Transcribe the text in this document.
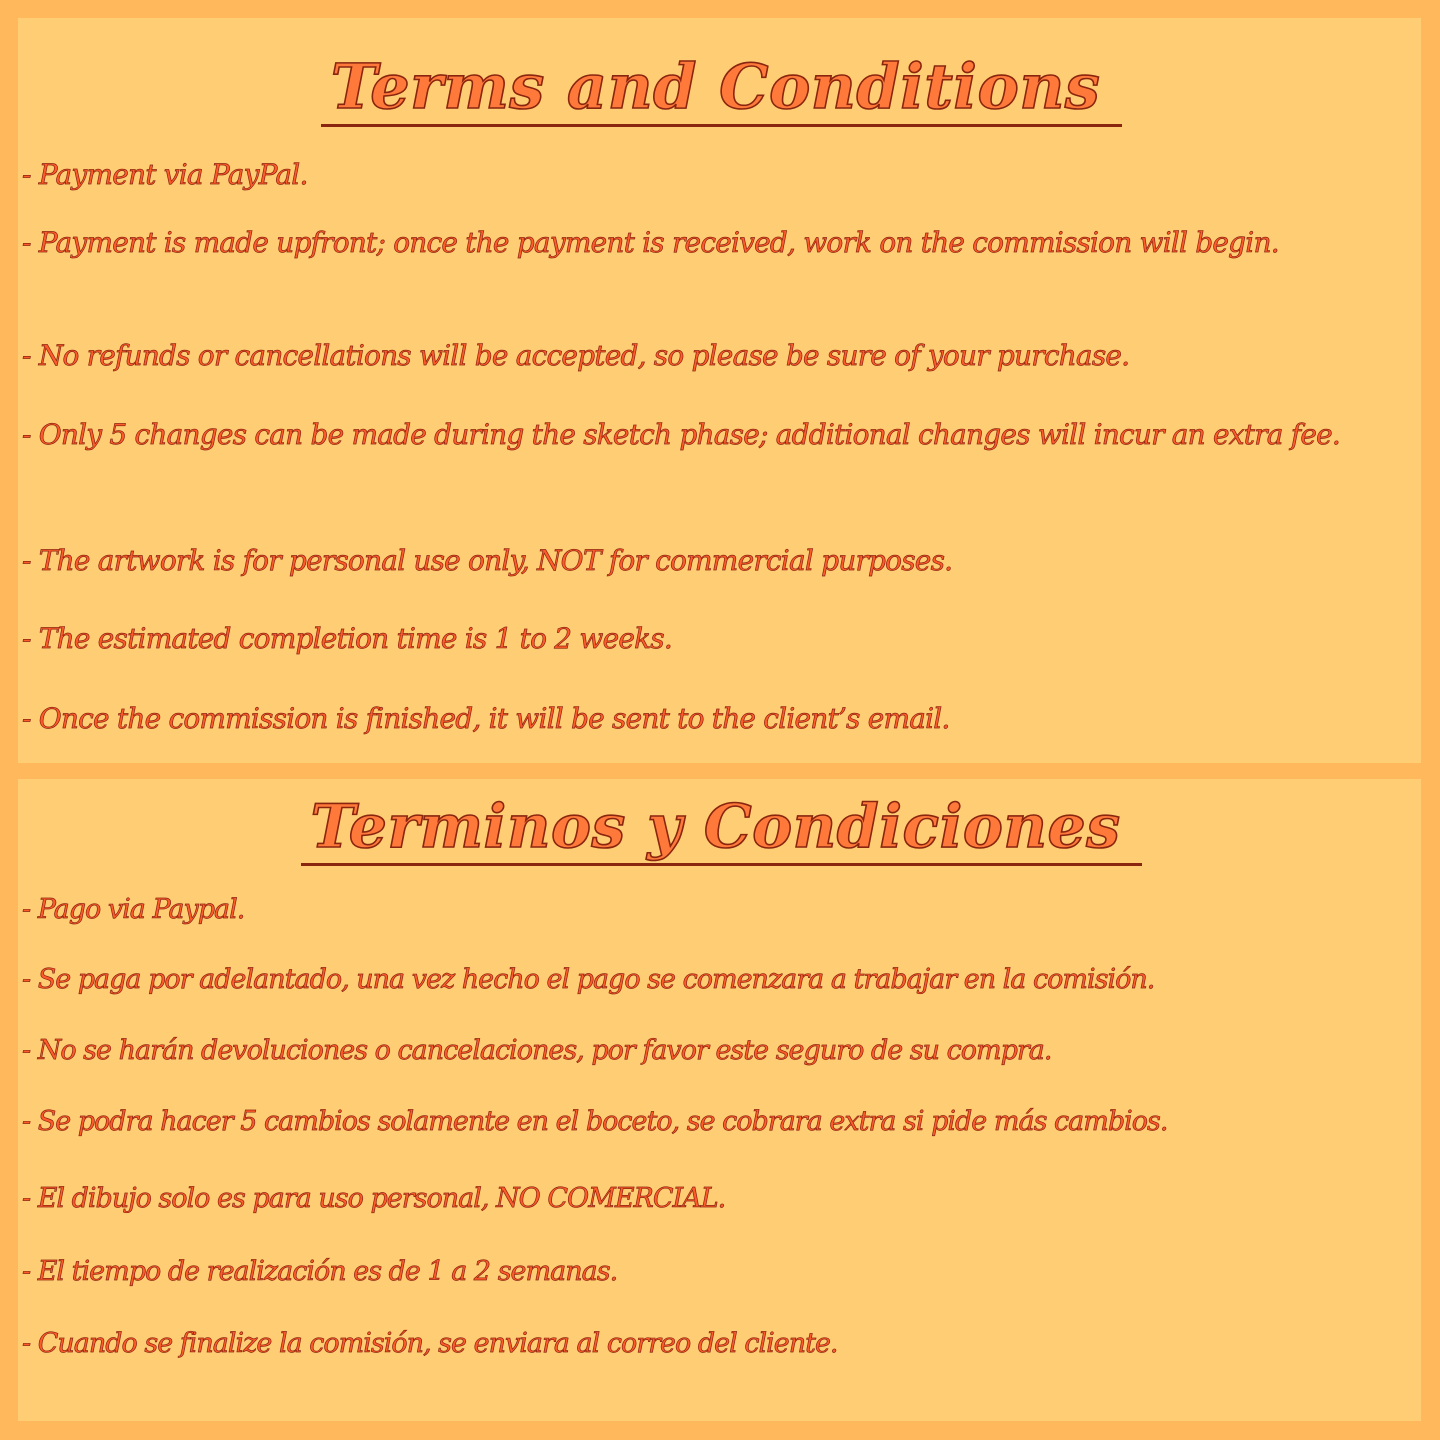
Terms and Conditions
- Payment via PayPal.
- Payment is made upfront; once the payment is received, work on the commission will begin.
- No refunds or cancellations will be accepted, so please be sure of your purchase.
- Only 5 changes can be made during the sketch phase; additional changes will incur an extra fee.
- The artwork is for personal use only, NOT for commercial purposes.
- The estimated completion time is 1 to 2 weeks.
- Once the commission is finished, it will be sent to the client’s email.
Terminos y Condiciones
- Pago via Paypal.
- Se paga por adelantado, una vez hecho el pago se comenzara a trabajar en la comisión.
- No se harán devoluciones o cancelaciones, por favor este seguro de su compra.
- Se podra hacer 5 cambios solamente en el boceto, se cobrara extra si pide más cambios.
- El dibujo solo es para uso personal, NO COMERCIAL.
- El tiempo de realización es de 1 a 2 semanas.
- Cuando se finalize la comisión, se enviara al correo del cliente.
